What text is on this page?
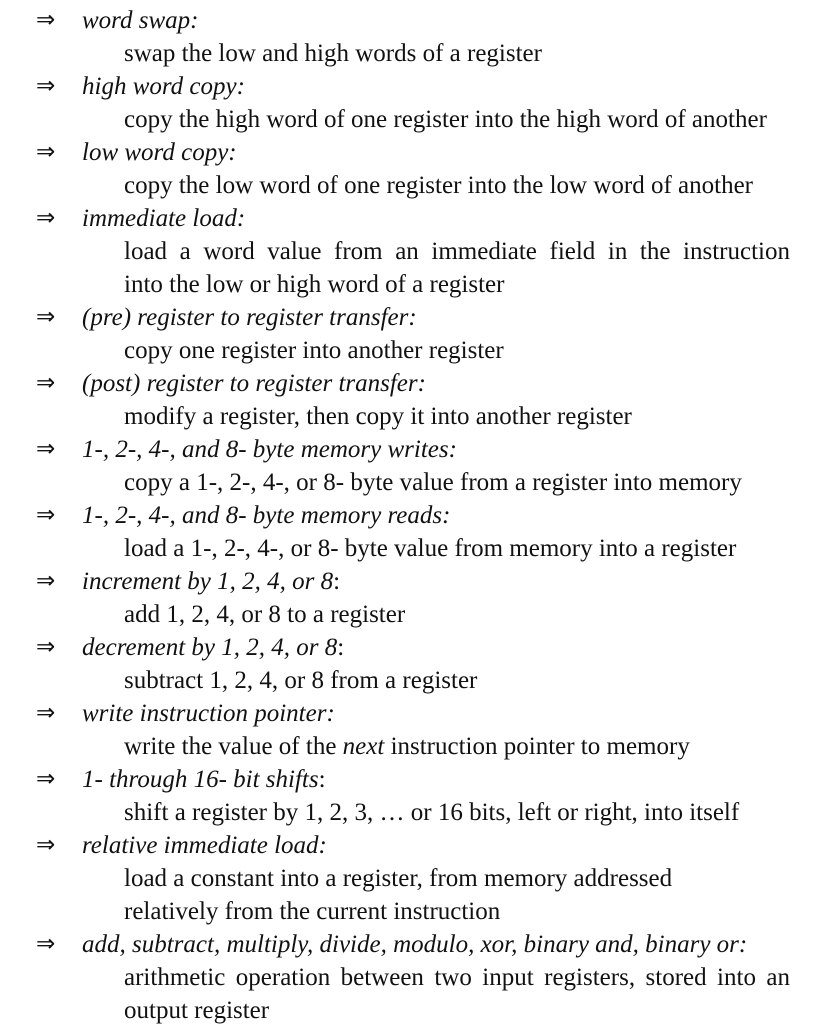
⇒ word swap:
swap the low and high words of a register
⇒ high word copy:
copy the high word of one register into the high word of another
⇒ low word copy:
copy the low word of one register into the low word of another
⇒ immediate load:
load a word value from an immediate field in the instruction
into the low or high word of a register
⇒ (pre) register to register transfer:
copy one register into another register
⇒ (post) register to register transfer:
modify a register, then copy it into another register
⇒ 1-, 2-, 4-, and 8- byte memory writes:
copy a 1-, 2-, 4-, or 8- byte value from a register into memory
⇒ 1-, 2-, 4-, and 8- byte memory reads:
load a 1-, 2-, 4-, or 8- byte value from memory into a register
⇒ increment by 1, 2, 4, or 8:
add 1, 2, 4, or 8 to a register
⇒ decrement by 1, 2, 4, or 8:
subtract 1, 2, 4, or 8 from a register
⇒ write instruction pointer:
write the value of the next instruction pointer to memory
⇒ 1- through 16- bit shifts:
shift a register by 1, 2, 3, … or 16 bits, left or right, into itself
⇒ relative immediate load:
load a constant into a register, from memory addressed
relatively from the current instruction
⇒ add, subtract, multiply, divide, modulo, xor, binary and, binary or:
arithmetic operation between two input registers, stored into an
output register
